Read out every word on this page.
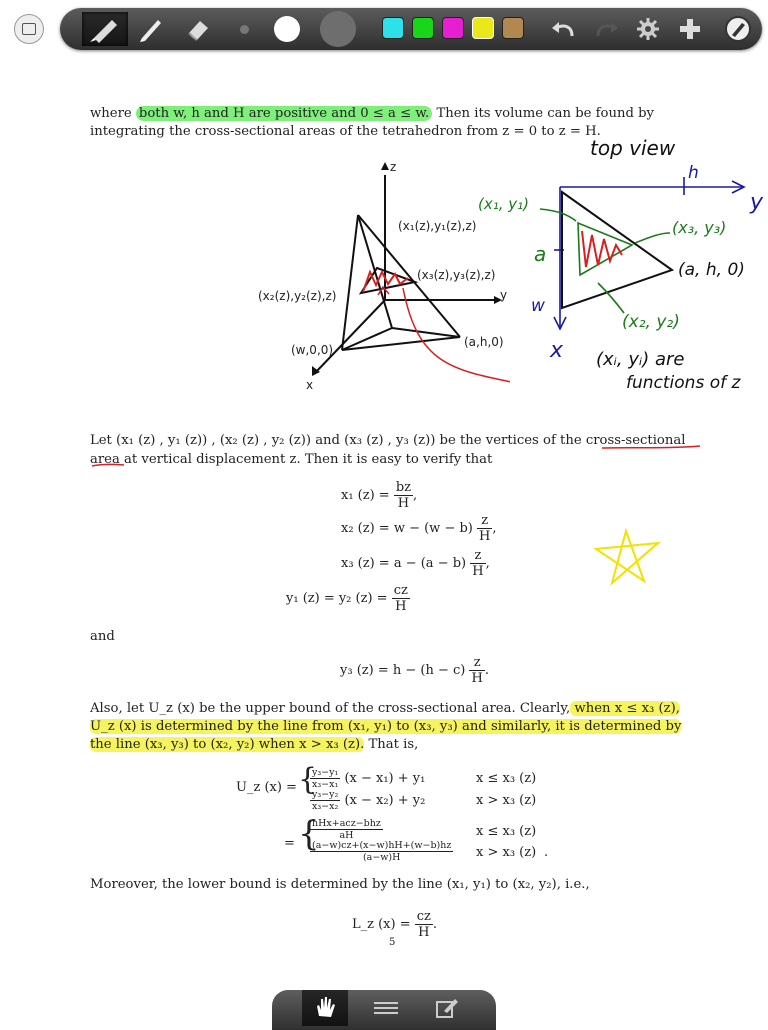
where both w, h and H are positive and 0 ≤ a ≤ w. Then its volume can be found by
integrating the cross-sectional areas of the tetrahedron from z = 0 to z = H.
z
y
x
(x₁(z),y₁(z),z)
(x₃(z),y₃(z),z)
(x₂(z),y₂(z),z)
(w,0,0)
(a,h,0)
top view
h
y
(x₁, y₁)
(x₃, y₃)
a
(a, h, 0)
w
(x₂, y₂)
x (xᵢ, yᵢ) are
functions of z
Let (x₁ (z) , y₁ (z)) , (x₂ (z) , y₂ (z)) and (x₃ (z) , y₃ (z)) be the vertices of the cross-sectional
area at vertical displacement z. Then it is easy to verify that
x₁ $(z) = \frac{bz}{H}$ ,
x₂ $(z) = w - (w - b) \frac{z}{H}$ ,
x₃ $(z) = a - (a - b) \frac{z}{H}$ ,
y₁ (z) = y₂ $(z) = \frac{cz}{H}$
and
y₃ $(z) = h - (h - c) \frac{z}{H}$ .
Also, let U_z (x) be the upper bound of the cross-sectional area. Clearly, when x ≤ x₃ (z),
U_z (x) is determined by the line from (x₁, y₁) to (x₃, y₃) and similarly, it is determined by
the line (x₃, y₃) to (x₂, y₂) when x > x₃ (z). That is,
U_z (x) = {
$\frac{\text{y₃−y₁}}{\text{x₃−x₁}} (x - x_1) + y_1$	x ≤ x₃ (z)
$\frac{\text{y₃−y₂}}{\text{x₃−x₂}} (x - x_2) + y_2$	x > x₃ (z)
= {
$\frac{\text{hHx+acz−bhz}}{aH}$	x ≤ x₃ (z)
$\frac{(a-w)cz+(x-w)hH+(w-b)hz}{(a-w)H}$ x > x₃ (z) .
Moreover, the lower bound is determined by the line (x₁, y₁) to (x₂, y₂), i.e.,
L_z $(x) = \frac{cz}{H}$ .
5
